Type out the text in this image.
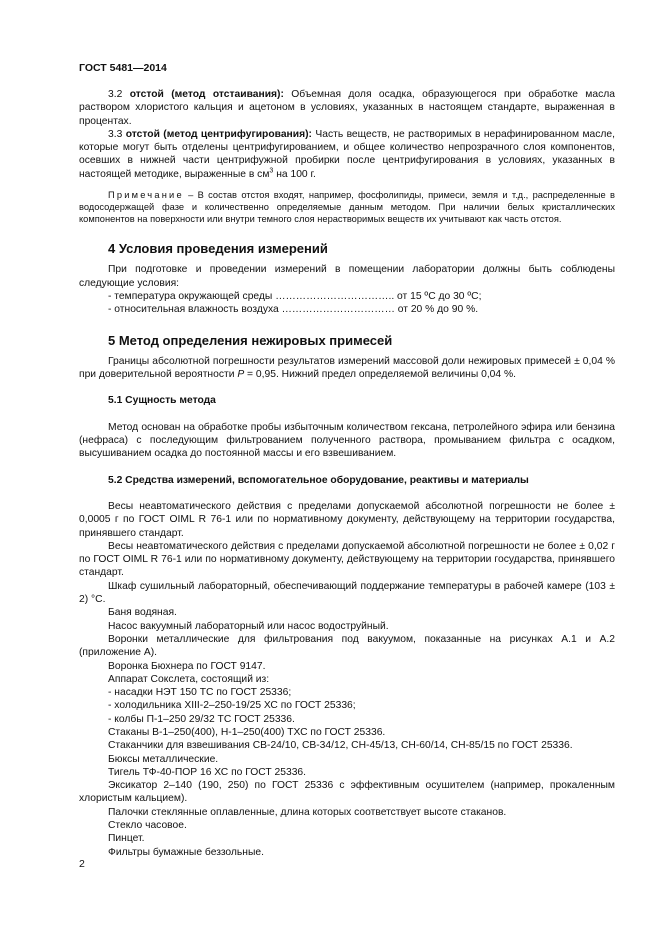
ГОСТ 5481—2014

3.2 отстой (метод отстаивания): Объемная доля осадка, образующегося при обработке масла раствором хлористого кальция и ацетоном в условиях, указанных в настоящем стандарте, выраженная в процентах.

3.3 отстой (метод центрифугирования): Часть веществ, не растворимых в нерафинированном масле, которые могут быть отделены центрифугированием, и общее количество непрозрачного слоя компонентов, осевших в нижней части центрифужной пробирки после центрифугирования в условиях, указанных в настоящей методике, выраженные в $см^3$ на 100 г.

Примечание – В состав отстоя входят, например, фосфолипиды, примеси, земля и т.д., распределенные в водосодержащей фазе и количественно определяемые данным методом. При наличии белых кристаллических компонентов на поверхности или внутри темного слоя нерастворимых веществ их учитывают как часть отстоя.

4 Условия проведения измерений

При подготовке и проведении измерений в помещении лаборатории должны быть соблюдены следующие условия:

- температура окружающей среды …………………………….. от 15 ºС до 30 ºС;

- относительная влажность воздуха …………………………… от 20 % до 90 %.

5 Метод определения нежировых примесей

Границы абсолютной погрешности результатов измерений массовой доли нежировых примесей ± 0,04 % при доверительной вероятности Р = 0,95. Нижний предел определяемой величины 0,04 %.

5.1 Сущность метода

Метод основан на обработке пробы избыточным количеством гексана, петролейного эфира или бензина (нефраса) с последующим фильтрованием полученного раствора, промыванием фильтра с осадком, высушиванием осадка до постоянной массы и его взвешиванием.

5.2 Средства измерений, вспомогательное оборудование, реактивы и материалы

Весы неавтоматического действия с пределами допускаемой абсолютной погрешности не более ± 0,0005 г по ГОСТ OIML R 76-1 или по нормативному документу, действующему на территории государства, принявшего стандарт.

Весы неавтоматического действия с пределами допускаемой абсолютной погрешности не более ± 0,02 г по ГОСТ OIML R 76-1 или по нормативному документу, действующему на территории государства, принявшего стандарт.

Шкаф сушильный лабораторный, обеспечивающий поддержание температуры в рабочей камере (103 ± 2) °С.

Баня водяная.

Насос вакуумный лабораторный или насос водоструйный.

Воронки металлические для фильтрования под вакуумом, показанные на рисунках А.1 и А.2 (приложение А).

Воронка Бюхнера по ГОСТ 9147.

Аппарат Сокслета, состоящий из:

- насадки НЭТ 150 ТС по ГОСТ 25336;

- холодильника ХIII-2–250-19/25 ХС по ГОСТ 25336;

- колбы П-1–250 29/32 ТС ГОСТ 25336.

Стаканы В-1–250(400), Н-1–250(400) ТХС по ГОСТ 25336.

Стаканчики для взвешивания СВ-24/10, СВ-34/12, СН-45/13, СН-60/14, СН-85/15 по ГОСТ 25336.

Бюксы металлические.

Тигель ТФ-40-ПОР 16 ХС по ГОСТ 25336.

Эксикатор 2–140 (190, 250) по ГОСТ 25336 с эффективным осушителем (например, прокаленным хлористым кальцием).

Палочки стеклянные оплавленные, длина которых соответствует высоте стаканов.

Стекло часовое.

Пинцет.

Фильтры бумажные беззольные.

2
